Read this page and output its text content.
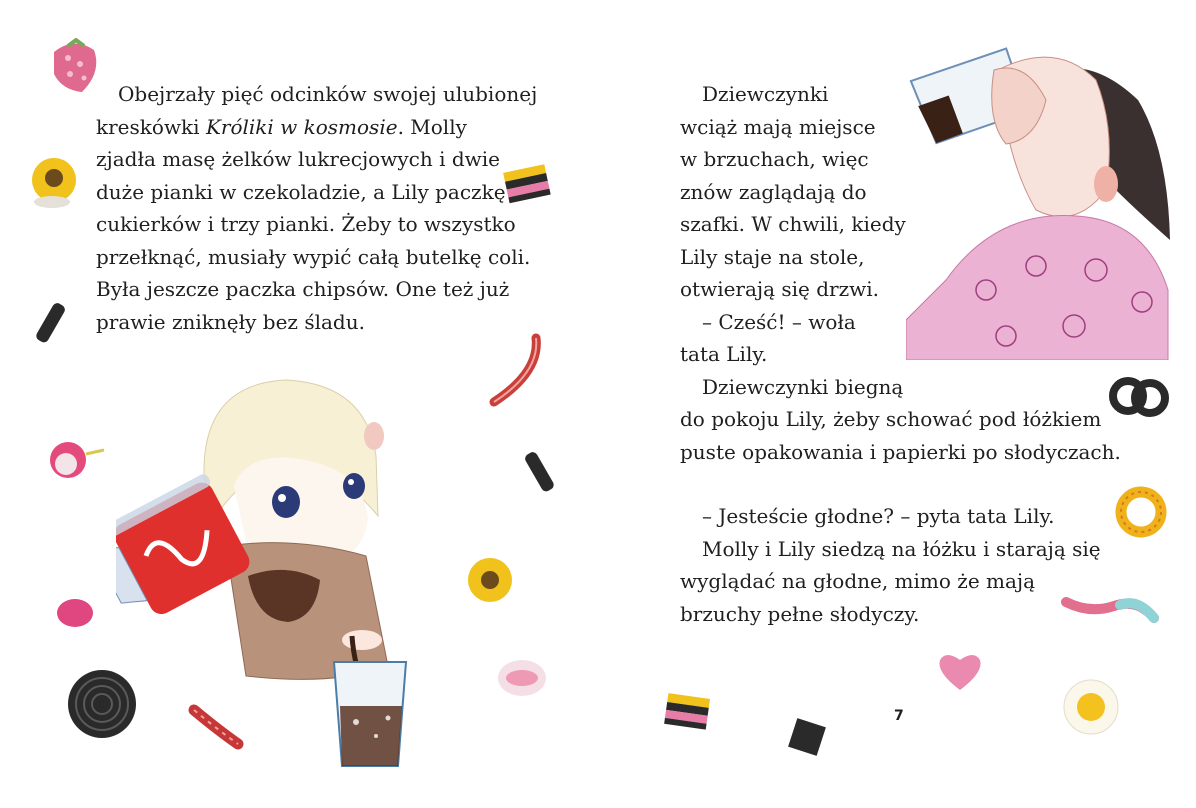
Obejrzały pięć odcinków swojej ulubionej

kreskówki Króliki w kosmosie. Molly

zjadła masę żelków lukrecjowych i dwie

duże pianki w czekoladzie, a Lily paczkę

cukierków i trzy pianki. Żeby to wszystko

przełknąć, musiały wypić całą butelkę coli.

Była jeszcze paczka chipsów. One też już

prawie zniknęły bez śladu.

Dziewczynki

wciąż mają miejsce

w brzuchach, więc

znów zaglądają do

szafki. W chwili, kiedy

Lily staje na stole,

otwierają się drzwi.

– Cześć! – woła

tata Lily.

Dziewczynki biegną

do pokoju Lily, żeby schować pod łóżkiem

puste opakowania i papierki po słodyczach.

– Jesteście głodne? – pyta tata Lily.

Molly i Lily siedzą na łóżku i starają się

wyglądać na głodne, mimo że mają

brzuchy pełne słodyczy.

7
